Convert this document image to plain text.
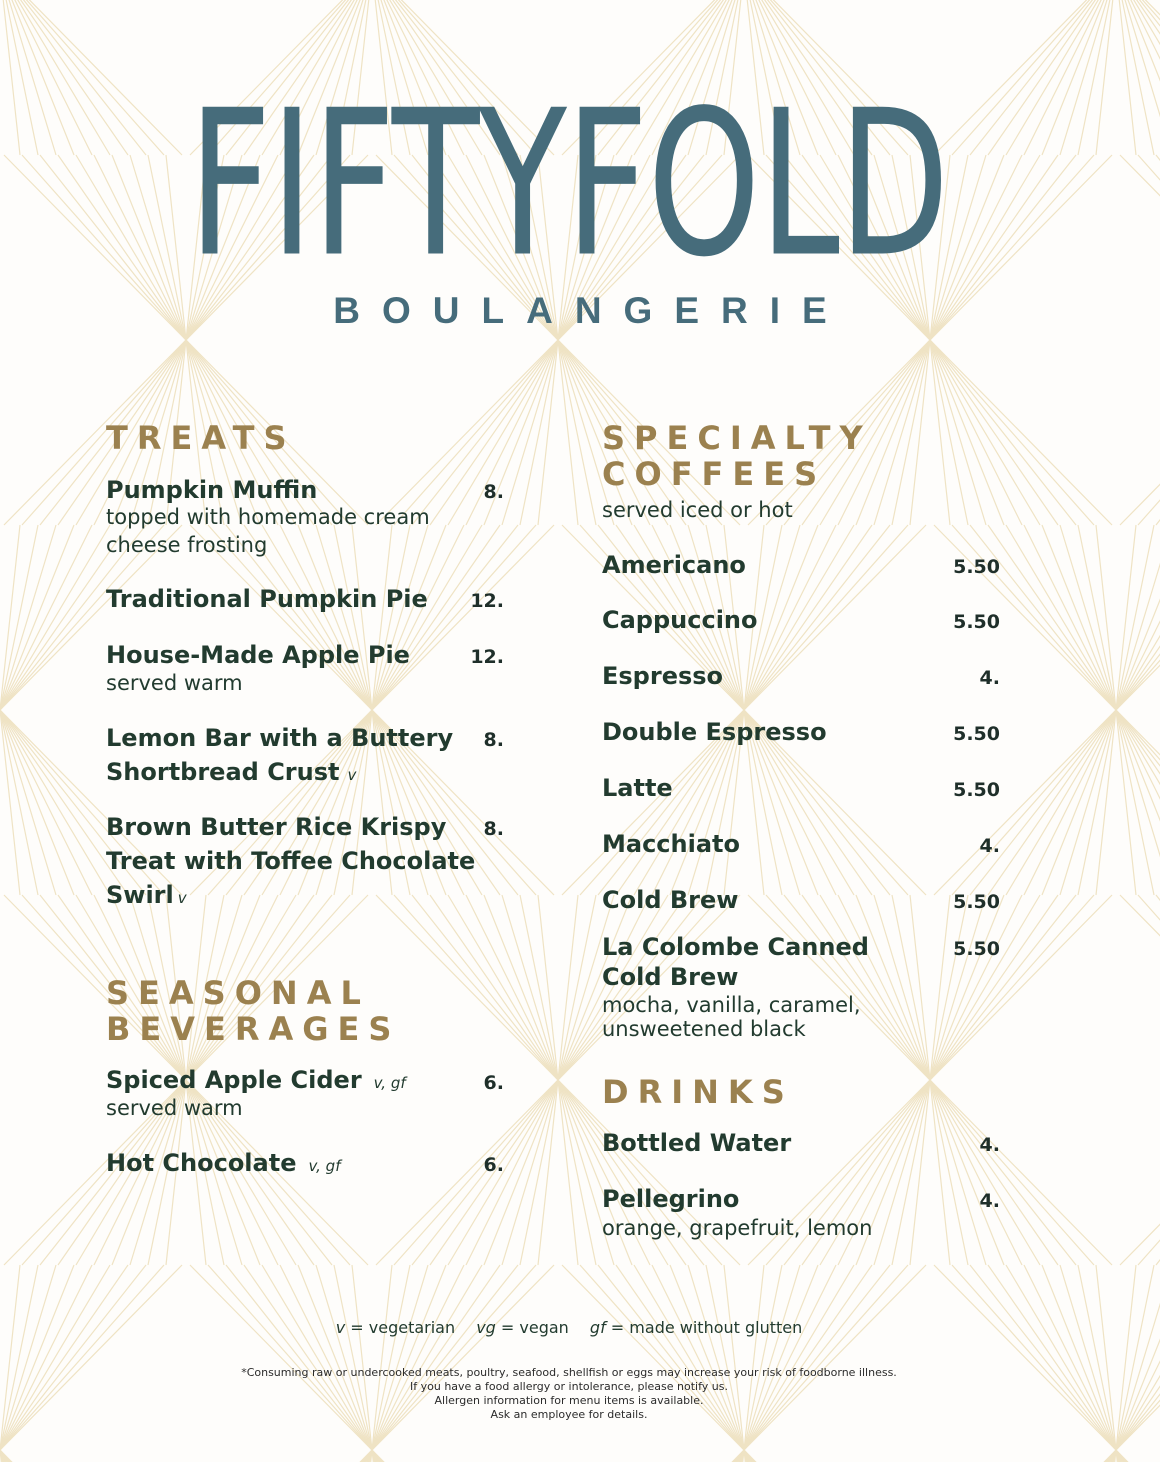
FIFTYFOLD
BOULANGERIE
TREATS
Pumpkin Muffin	8.
topped with homemade cream
cheese frosting
Traditional Pumpkin Pie	12.
House-Made Apple Pie	12.
served warm
Lemon Bar with a Buttery	8.
Shortbread Crust v
Brown Butter Rice Krispy	8.
Treat with Toffee Chocolate
Swirl v
SEASONAL
BEVERAGES
Spiced Apple Cider v, gf	6.
served warm
Hot Chocolate v, gf	6.
SPECIALTY
COFFEES
served iced or hot
Americano	5.50
Cappuccino	5.50
Espresso	4.
Double Espresso	5.50
Latte	5.50
Macchiato	4.
Cold Brew	5.50
La Colombe Canned	5.50
Cold Brew
mocha, vanilla, caramel,
unsweetened black
DRINKS
Bottled Water	4.
Pellegrino	4.
orange, grapefruit, lemon
v = vegetarian vg = vegan gf = made without glutten
*Consuming raw or undercooked meats, poultry, seafood, shellfish or eggs may increase your risk of foodborne illness.
If you have a food allergy or intolerance, please notify us.
Allergen information for menu items is available.
Ask an employee for details.
